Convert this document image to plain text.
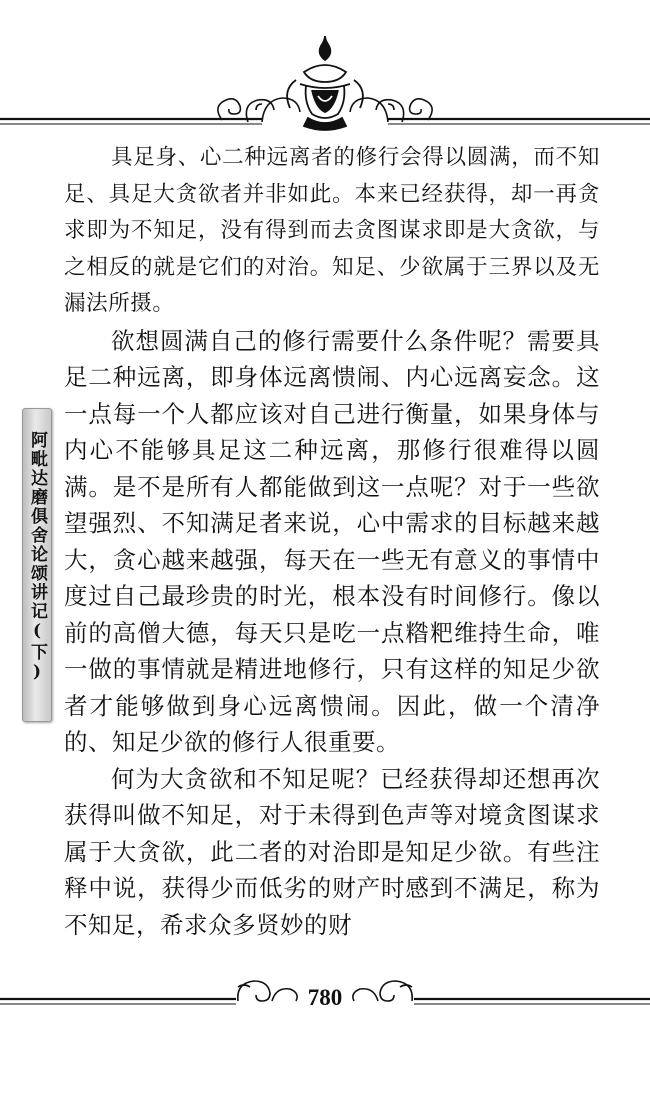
阿毗达磨俱舍论颂讲记(下)

具足身、心二种远离者的修行会得以圆满，而不知足、具足大贪欲者并非如此。本来已经获得，却一再贪求即为不知足，没有得到而去贪图谋求即是大贪欲，与之相反的就是它们的对治。知足、少欲属于三界以及无漏法所摄。

欲想圆满自己的修行需要什么条件呢？需要具足二种远离，即身体远离愦闹、内心远离妄念。这一点每一个人都应该对自己进行衡量，如果身体与内心不能够具足这二种远离，那修行很难得以圆满。是不是所有人都能做到这一点呢？对于一些欲望强烈、不知满足者来说，心中需求的目标越来越大，贪心越来越强，每天在一些无有意义的事情中度过自己最珍贵的时光，根本没有时间修行。像以前的高僧大德，每天只是吃一点糌粑维持生命，唯一做的事情就是精进地修行，只有这样的知足少欲者才能够做到身心远离愦闹。因此，做一个清净的、知足少欲的修行人很重要。

何为大贪欲和不知足呢？已经获得却还想再次获得叫做不知足，对于未得到色声等对境贪图谋求属于大贪欲，此二者的对治即是知足少欲。有些注释中说，获得少而低劣的财产时感到不满足，称为不知足，希求众多贤妙的财

780
